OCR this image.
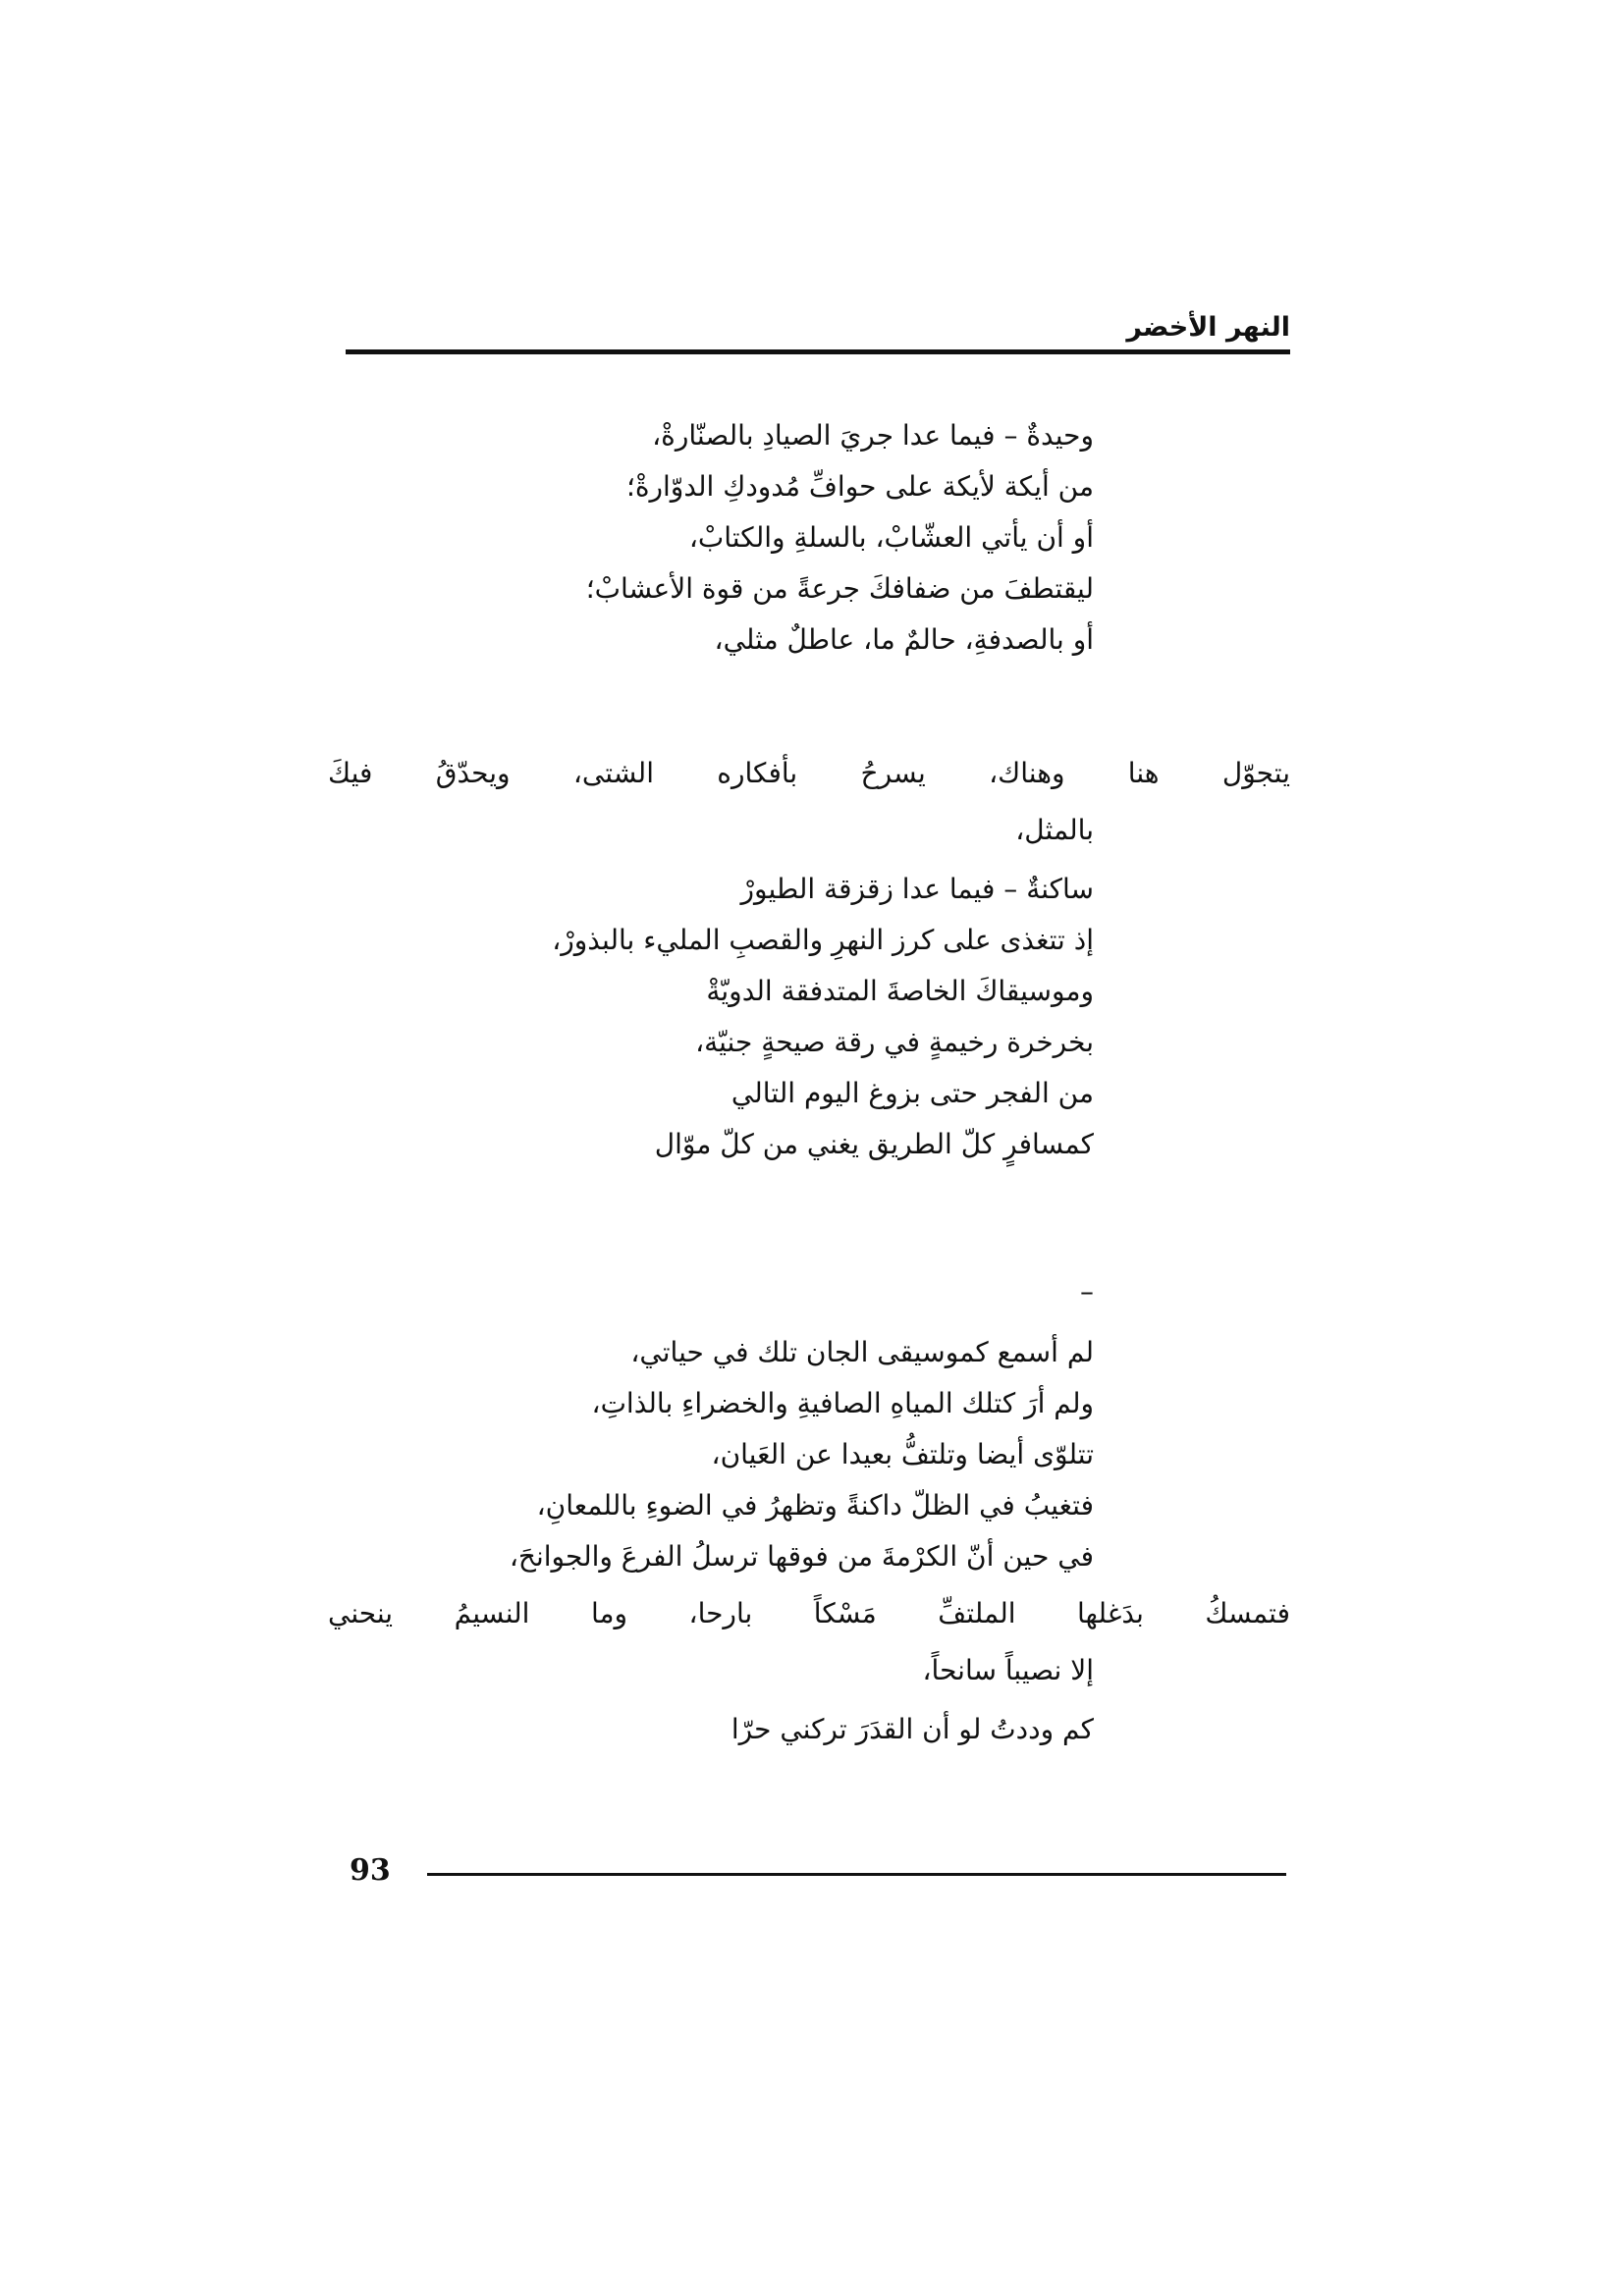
النهر الأخضر
وحيدةٌ – فيما عدا جريَ الصيادِ بالصنّارةْ،
من أيكة لأيكة على حوافِّ مُدودكِ الدوّارةْ؛
أو أن يأتي العشّابْ، بالسلةِ والكتابْ،
ليقتطفَ من ضفافكَ جرعةً من قوة الأعشابْ؛
أو بالصدفةِ، حالمٌ ما، عاطلٌ مثلي،
يتجوّل هنا وهناك، يسرحُ بأفكاره الشتى، ويحدّقُ فيكَ
بالمثل،
ساكنةٌ – فيما عدا زقزقة الطيورْ
إذ تتغذى على كرز النهرِ والقصبِ المليء بالبذورْ،
وموسيقاكَ الخاصةَ المتدفقة الدويّةْ
بخرخرة رخيمةٍ في رقة صيحةٍ جنيّة،
من الفجر حتى بزوغ اليوم التالي
كمسافرٍ كلّ الطريق يغني من كلّ موّال
–
لم أسمع كموسيقى الجان تلك في حياتي،
ولم أرَ كتلك المياهِ الصافيةِ والخضراءِ بالذاتِ،
تتلوّى أيضا وتلتفُّ بعيدا عن العَيان،
فتغيبُ في الظلّ داكنةً وتظهرُ في الضوءِ باللمعانِ،
في حين أنّ الكرْمةَ من فوقها ترسلُ الفرعَ والجوانحَ،
فتمسكُ بدَغلها الملتفِّ مَسْكاً بارحا، وما النسيمُ ينحني
إلا نصيباً سانحاً،
كم وددتُ لو أن القدَرَ تركني حرّا
93
